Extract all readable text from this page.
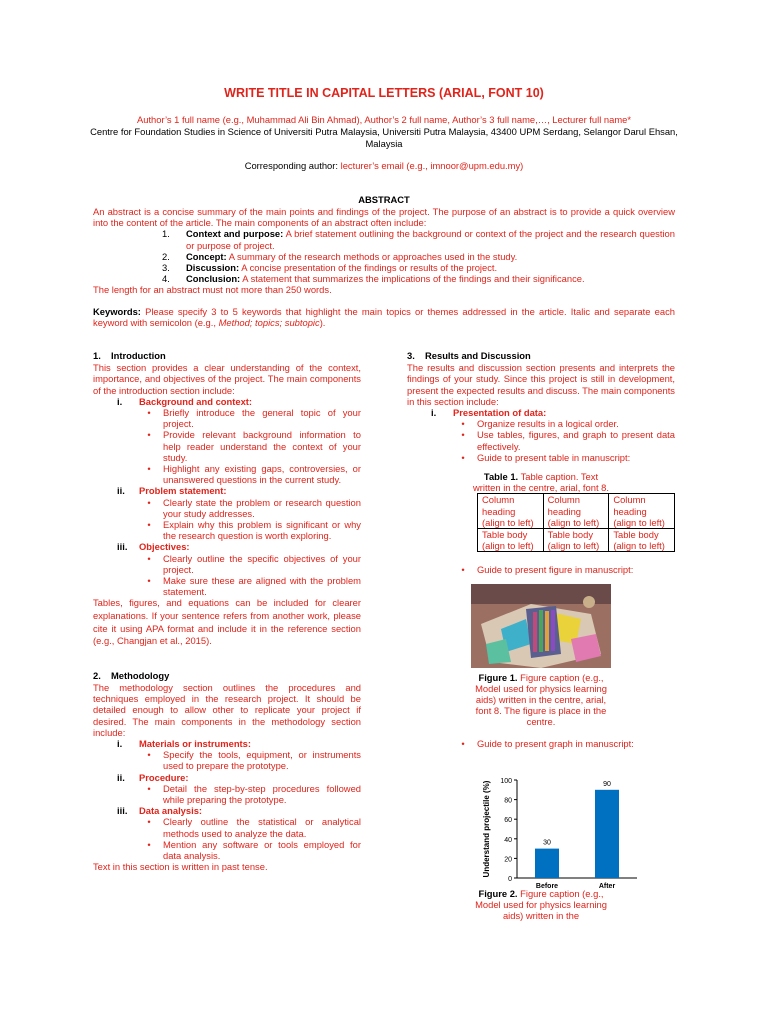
WRITE TITLE IN CAPITAL LETTERS (ARIAL, FONT 10)
Author’s 1 full name (e.g., Muhammad Ali Bin Ahmad), Author’s 2 full name, Author’s 3 full name,…, Lecturer full name*
Centre for Foundation Studies in Science of Universiti Putra Malaysia, Universiti Putra Malaysia, 43400 UPM Serdang, Selangor Darul Ehsan, Malaysia
Corresponding author: lecturer’s email (e.g., imnoor@upm.edu.my)
ABSTRACT
An abstract is a concise summary of the main points and findings of the project. The purpose of an abstract is to provide a quick overview into the content of the article. The main components of an abstract often include:
1.	Context and purpose: A brief statement outlining the background or context of the project and the research question or purpose of project.
2.	Concept: A summary of the research methods or approaches used in the study.
3.	Discussion: A concise presentation of the findings or results of the project.
4.	Conclusion: A statement that summarizes the implications of the findings and their significance.
The length for an abstract must not more than 250 words.
Keywords: Please specify 3 to 5 keywords that highlight the main topics or themes addressed in the article. Italic and separate each keyword with semicolon (e.g., Method; topics; subtopic).
1. Introduction
This section provides a clear understanding of the context, importance, and objectives of the project. The main components of the introduction section include:
i.	Background and context:
•	Briefly introduce the general topic of your project.
•	Provide relevant background information to help reader understand the context of your study.
•	Highlight any existing gaps, controversies, or unanswered questions in the current study.
ii.	Problem statement:
•	Clearly state the problem or research question your study addresses.
•	Explain why this problem is significant or why the research question is worth exploring.
iii.	Objectives:
•	Clearly outline the specific objectives of your project.
•	Make sure these are aligned with the problem statement.
Tables, figures, and equations can be included for clearer explanations. If your sentence refers from another work, please cite it using APA format and include it in the reference section (e.g., Changjan et al., 2015).
2. Methodology
The methodology section outlines the procedures and techniques employed in the research project. It should be detailed enough to allow other to replicate your project if desired. The main components in the methodology section include:
i.	Materials or instruments:
•	Specify the tools, equipment, or instruments used to prepare the prototype.
ii.	Procedure:
•	Detail the step-by-step procedures followed while preparing the prototype.
iii.	Data analysis:
•	Clearly outline the statistical or analytical methods used to analyze the data.
•	Mention any software or tools employed for data analysis.
Text in this section is written in past tense.
3. Results and Discussion
The results and discussion section presents and interprets the findings of your study. Since this project is still in development, present the expected results and discuss. The main components in this section include:
i.	Presentation of data:
•	Organize results in a logical order.
•	Use tables, figures, and graph to present data effectively.
•	Guide to present table in manuscript:
Table 1. Table caption. Text written in the centre, arial, font 8.
Column heading (align to left)	Column heading (align to left)	Column heading (align to left)
Table body (align to left)	Table body (align to left)	Table body (align to left)
•	Guide to present figure in manuscript:
Figure 1. Figure caption (e.g., Model used for physics learning aids) written in the centre, arial, font 8. The figure is place in the centre.
•	Guide to present graph in manuscript:
0
20
40
60
80
100
Understand projectile (%)	30
Before
90
After
Figure 2. Figure caption (e.g., Model used for physics learning aids) written in the
